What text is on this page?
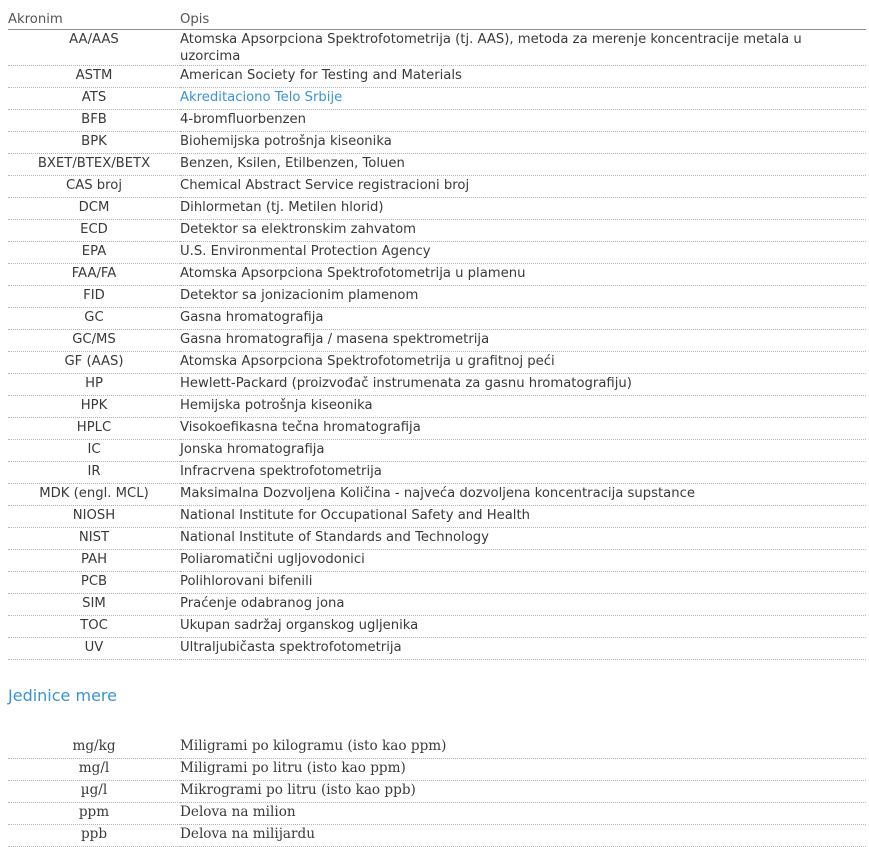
Akronim	Opis
AA/AAS	Atomska Apsorpciona Spektrofotometrija (tj. AAS), metoda za merenje koncentracije metala u uzorcima
ASTM	American Society for Testing and Materials
ATS	Akreditaciono Telo Srbije
BFB	4-bromfluorbenzen
BPK	Biohemijska potrošnja kiseonika
BXET/BTEX/BETX	Benzen, Ksilen, Etilbenzen, Toluen
CAS broj	Chemical Abstract Service registracioni broj
DCM	Dihlormetan (tj. Metilen hlorid)
ECD	Detektor sa elektronskim zahvatom
EPA	U.S. Environmental Protection Agency
FAA/FA	Atomska Apsorpciona Spektrofotometrija u plamenu
FID	Detektor sa jonizacionim plamenom
GC	Gasna hromatografija
GC/MS	Gasna hromatografija / masena spektrometrija
GF (AAS)	Atomska Apsorpciona Spektrofotometrija u grafitnoj peći
HP	Hewlett-Packard (proizvođač instrumenata za gasnu hromatografiju)
HPK	Hemijska potrošnja kiseonika
HPLC	Visokoefikasna tečna hromatografija
IC	Jonska hromatografija
IR	Infracrvena spektrofotometrija
MDK (engl. MCL)	Maksimalna Dozvoljena Količina - najveća dozvoljena koncentracija supstance
NIOSH	National Institute for Occupational Safety and Health
NIST	National Institute of Standards and Technology
PAH	Poliaromatični ugljovodonici
PCB	Polihlorovani bifenili
SIM	Praćenje odabranog jona
TOC	Ukupan sadržaj organskog ugljenika
UV	Ultraljubičasta spektrofotometrija
Jedinice mere
mg/kg	Miligrami po kilogramu (isto kao ppm)
mg/l	Miligrami po litru (isto kao ppm)
µg/l	Mikrogrami po litru (isto kao ppb)
ppm	Delova na milion
ppb	Delova na milijardu
